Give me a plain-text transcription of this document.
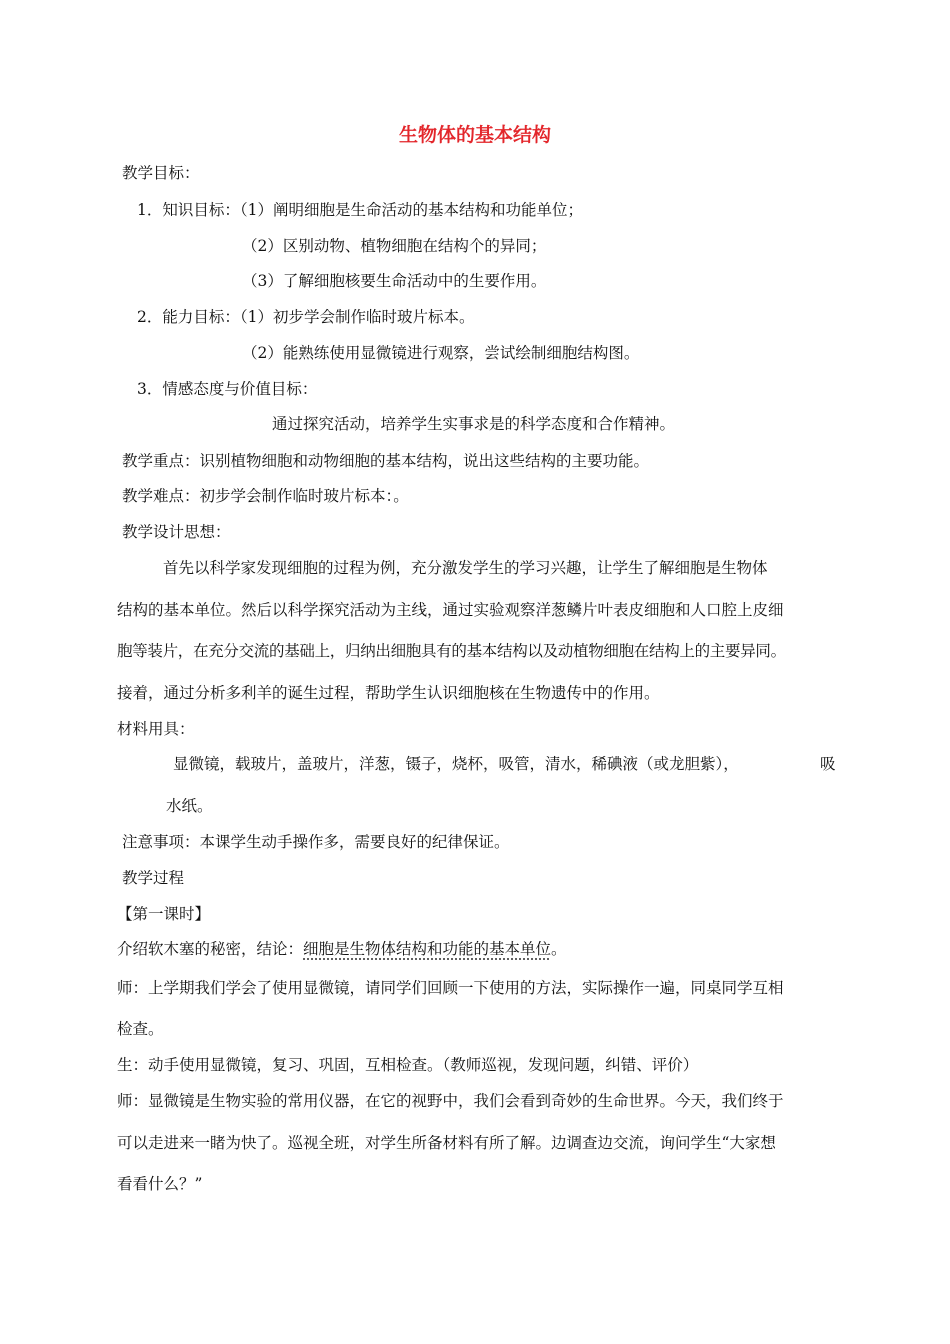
生物体的基本结构
教学目标：
1．知识目标：（1）阐明细胞是生命活动的基本结构和功能单位；
（2）区别动物、植物细胞在结构个的异同；
（3）了解细胞核要生命活动中的生要作用。
2．能力目标：（1）初步学会制作临时玻片标本。
（2）能熟练使用显微镜进行观察，尝试绘制细胞结构图。
3．情感态度与价值目标：
通过探究活动，培养学生实事求是的科学态度和合作精神。
教学重点：识别植物细胞和动物细胞的基本结构，说出这些结构的主要功能。
教学难点：初步学会制作临时玻片标本：。
教学设计思想：
首先以科学家发现细胞的过程为例，充分激发学生的学习兴趣，让学生了解细胞是生物体
结构的基本单位。然后以科学探究活动为主线，通过实验观察洋葱鳞片叶表皮细胞和人口腔上皮细
胞等装片，在充分交流的基础上，归纳出细胞具有的基本结构以及动植物细胞在结构上的主要异同。
接着，通过分析多利羊的诞生过程，帮助学生认识细胞核在生物遗传中的作用。
材料用具：
显微镜，载玻片，盖玻片，洋葱，镊子，烧杯，吸管，清水，稀碘液（或龙胆紫），	吸
水纸。
注意事项：本课学生动手操作多，需要良好的纪律保证。
教学过程
【第一课时】
介绍软木塞的秘密，结论：细胞是生物体结构和功能的基本单位。
师：上学期我们学会了使用显微镜，请同学们回顾一下使用的方法，实际操作一遍，同桌同学互相
检查。
生：动手使用显微镜，复习、巩固，互相检查。（教师巡视，发现问题，纠错、评价）
师：显微镜是生物实验的常用仪器，在它的视野中，我们会看到奇妙的生命世界。今天，我们终于
可以走进来一睹为快了。巡视全班，对学生所备材料有所了解。边调查边交流，询问学生“大家想
看看什么？”
